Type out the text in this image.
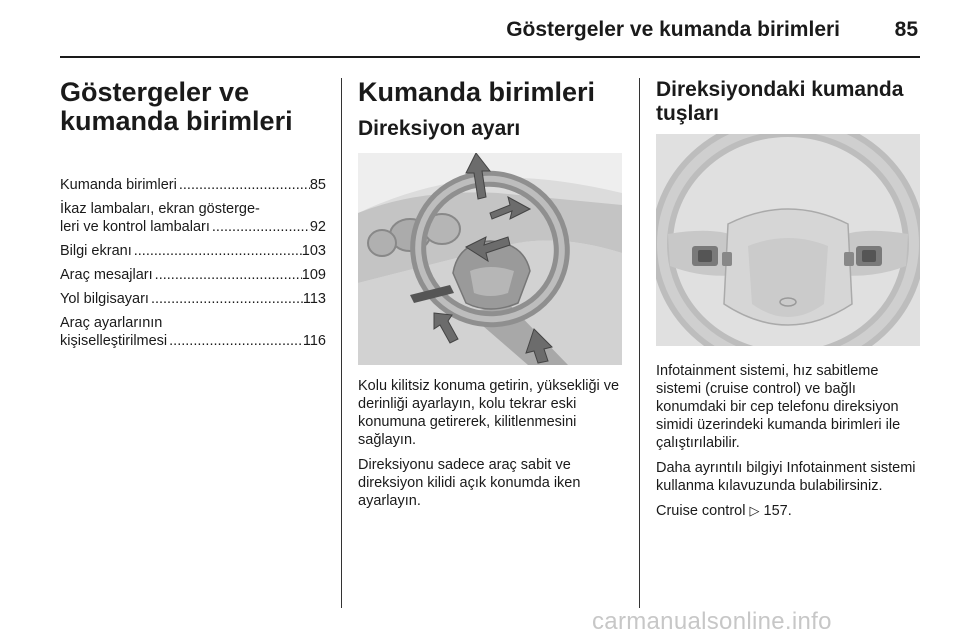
Göstergeler ve kumanda birimleri	85
Göstergeler ve
kumanda birimleri
Kumanda birimleri .....	85
İkaz lambaları, ekran gösterge-
leri ve kontrol lambaları .....	92
Bilgi ekranı .....	103
Araç mesajları .....	109
Yol bilgisayarı .....	113
Araç ayarlarının
kişiselleştirilmesi .....	116
Kumanda birimleri
Direksiyon ayarı

Kolu kilitsiz konuma getirin, yüksekliği ve derinliği ayarlayın, kolu tekrar eski konumuna getirerek, kilitlenmesini sağlayın.

Direksiyonu sadece araç sabit ve direksiyon kilidi açık konumda iken ayarlayın.

Direksiyondaki kumanda
tuşları

Infotainment sistemi, hız sabitleme sistemi (cruise control) ve bağlı konumdaki bir cep telefonu direksiyon simidi üzerindeki kumanda birimleri ile çalıştırılabilir.

Daha ayrıntılı bilgiyi Infotainment sistemi kullanma kılavuzunda bulabilirsiniz.

Cruise control ▷ 157.

carmanualsonline.info
